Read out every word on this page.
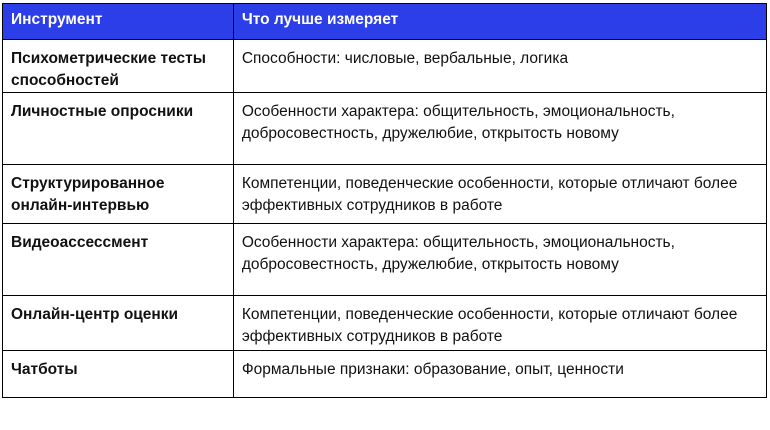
Инструмент	Что лучше измеряет
Психометрические тесты способностей	Способности: числовые, вербальные, логика
Личностные опросники	Особенности характера: общительность, эмоциональность, добросовестность, дружелюбие, открытость новому
Структурированное онлайн-интервью	Компетенции, поведенческие особенности, которые отличают более эффективных сотрудников в работе
Видеоассессмент	Особенности характера: общительность, эмоциональность, добросовестность, дружелюбие, открытость новому
Онлайн-центр оценки	Компетенции, поведенческие особенности, которые отличают более эффективных сотрудников в работе
Чатботы	Формальные признаки: образование, опыт, ценности
